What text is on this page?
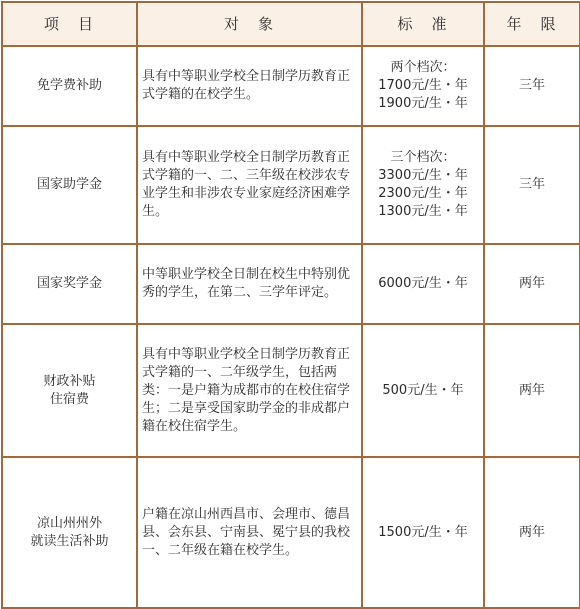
项　目	对　象	标　准	年　限

免学费补助	具有中等职业学校全日制学历教育正式学籍的在校学生。	两个档次：
1700元/生・年
1900元/生・年	三年

国家助学金	具有中等职业学校全日制学历教育正式学籍的一、二、三年级在校涉农专业学生和非涉农专业家庭经济困难学生。	三个档次：
3300元/生・年
2300元/生・年
1300元/生・年	三年

国家奖学金	中等职业学校全日制在校生中特别优秀的学生，在第二、三学年评定。	6000元/生・年	两年

财政补贴
住宿费	具有中等职业学校全日制学历教育正式学籍的一、二年级学生，包括两类：一是户籍为成都市的在校住宿学生；二是享受国家助学金的非成都户籍在校住宿学生。	500元/生・年	两年

凉山州州外
就读生活补助	户籍在凉山州西昌市、会理市、德昌县、会东县、宁南县、冕宁县的我校一、二年级在籍在校学生。	1500元/生・年	两年
